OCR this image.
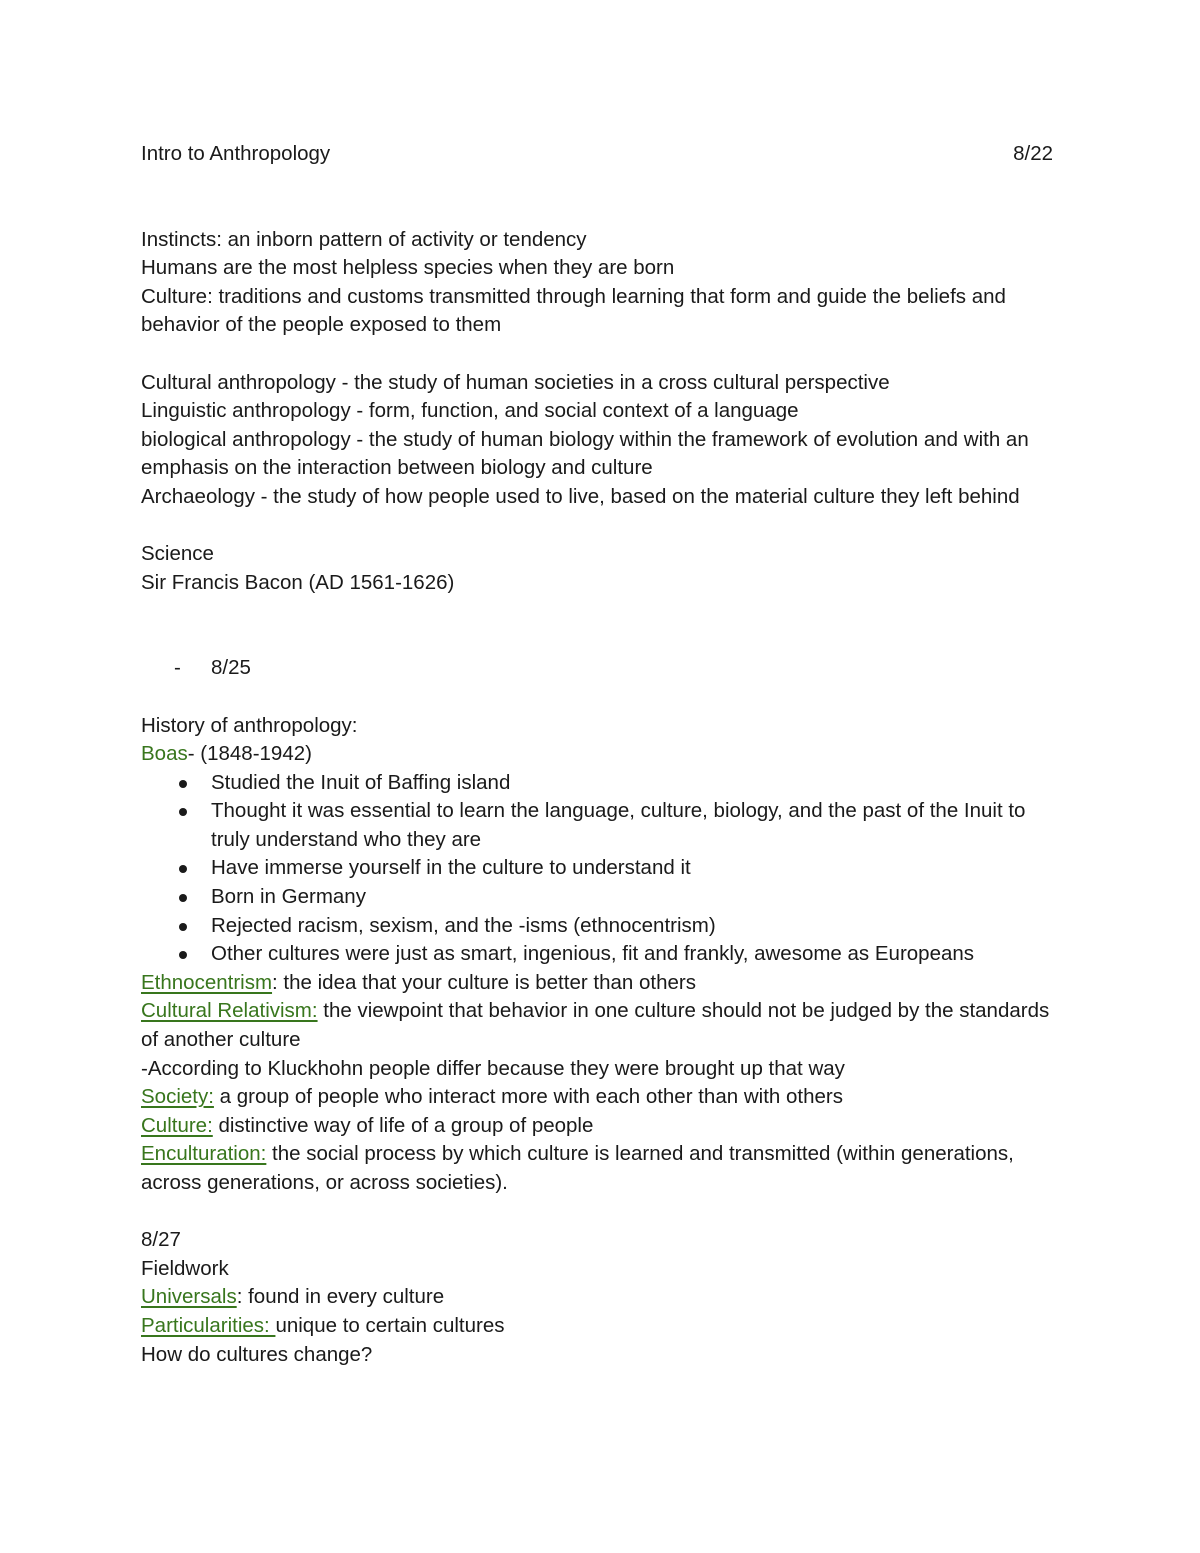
Intro to Anthropology	8/22

Instincts: an inborn pattern of activity or tendency

Humans are the most helpless species when they are born

Culture: traditions and customs transmitted through learning that form and guide the beliefs and behavior of the people exposed to them

Cultural anthropology - the study of human societies in a cross cultural perspective

Linguistic anthropology - form, function, and social context of a language

biological anthropology - the study of human biology within the framework of evolution and with an emphasis on the interaction between biology and culture

Archaeology - the study of how people used to live, based on the material culture they left behind

Science

Sir Francis Bacon (AD 1561-1626)

- 8/25

History of anthropology:

Boas- (1848-1942)

Studied the Inuit of Baffing island
Thought it was essential to learn the language, culture, biology, and the past of the Inuit to truly understand who they are
Have immerse yourself in the culture to understand it
Born in Germany
Rejected racism, sexism, and the -isms (ethnocentrism)
Other cultures were just as smart, ingenious, fit and frankly, awesome as Europeans

Ethnocentrism: the idea that your culture is better than others

Cultural Relativism: the viewpoint that behavior in one culture should not be judged by the standards of another culture

-According to Kluckhohn people differ because they were brought up that way

Society: a group of people who interact more with each other than with others

Culture: distinctive way of life of a group of people

Enculturation: the social process by which culture is learned and transmitted (within generations, across generations, or across societies).

8/27

Fieldwork

Universals: found in every culture

Particularities: unique to certain cultures

How do cultures change?
